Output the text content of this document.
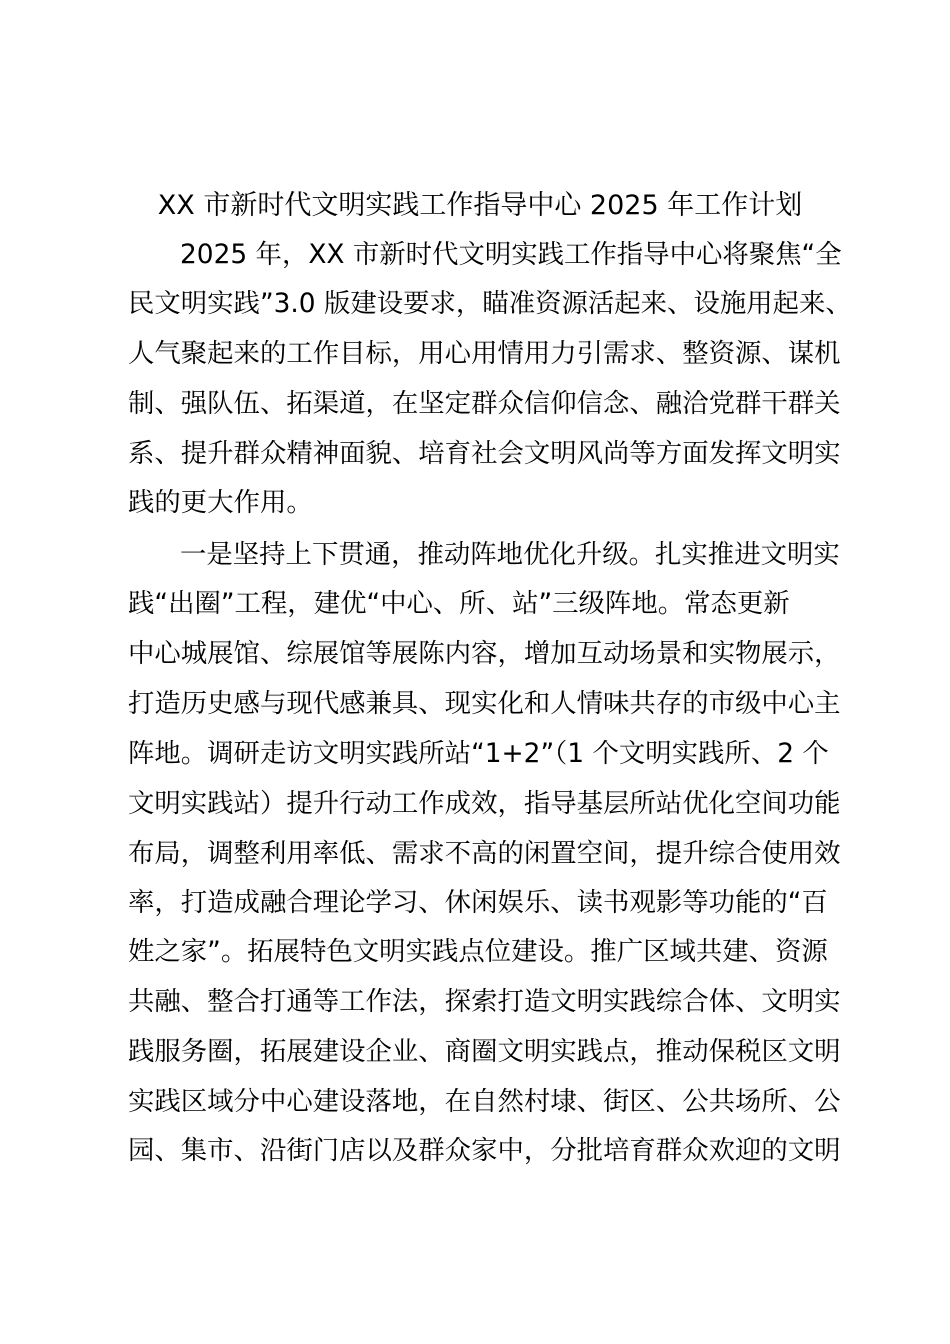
XX 市新时代文明实践工作指导中心 2025 年工作计划

2025 年，XX 市新时代文明实践工作指导中心将聚焦“全

民文明实践”3.0 版建设要求，瞄准资源活起来、设施用起来、

人气聚起来的工作目标，用心用情用力引需求、整资源、谋机

制、强队伍、拓渠道，在坚定群众信仰信念、融洽党群干群关

系、提升群众精神面貌、培育社会文明风尚等方面发挥文明实

践的更大作用。

一是坚持上下贯通，推动阵地优化升级。扎实推进文明实

践“出圈”工程，建优“中心、所、站”三级阵地。常态更新

中心城展馆、综展馆等展陈内容，增加互动场景和实物展示，

打造历史感与现代感兼具、现实化和人情味共存的市级中心主

阵地。调研走访文明实践所站“1+2”（1 个文明实践所、2 个

文明实践站）提升行动工作成效，指导基层所站优化空间功能

布局，调整利用率低、需求不高的闲置空间，提升综合使用效

率，打造成融合理论学习、休闲娱乐、读书观影等功能的“百

姓之家”。拓展特色文明实践点位建设。推广区域共建、资源

共融、整合打通等工作法，探索打造文明实践综合体、文明实

践服务圈，拓展建设企业、商圈文明实践点，推动保税区文明

实践区域分中心建设落地，在自然村埭、街区、公共场所、公

园、集市、沿街门店以及群众家中，分批培育群众欢迎的文明
